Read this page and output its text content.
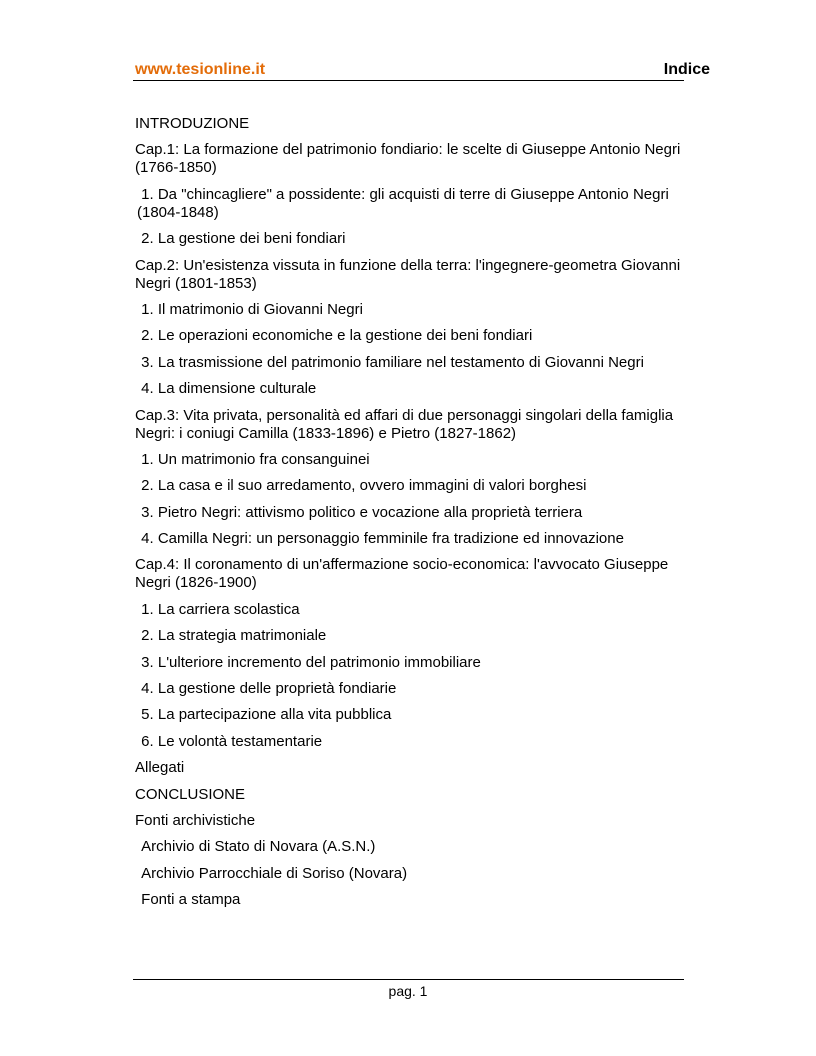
www.tesionline.it	Indice
INTRODUZIONE
Cap.1: La formazione del patrimonio fondiario: le scelte di Giuseppe Antonio Negri (1766-1850)
1. Da "chincagliere" a possidente: gli acquisti di terre di Giuseppe Antonio Negri (1804-1848)
2. La gestione dei beni fondiari
Cap.2: Un'esistenza vissuta in funzione della terra: l'ingegnere-geometra Giovanni Negri (1801-1853)
1. Il matrimonio di Giovanni Negri
2. Le operazioni economiche e la gestione dei beni fondiari
3. La trasmissione del patrimonio familiare nel testamento di Giovanni Negri
4. La dimensione culturale
Cap.3: Vita privata, personalità ed affari di due personaggi singolari della famiglia Negri: i coniugi Camilla (1833-1896) e Pietro (1827-1862)
1. Un matrimonio fra consanguinei
2. La casa e il suo arredamento, ovvero immagini di valori borghesi
3. Pietro Negri: attivismo politico e vocazione alla proprietà terriera
4. Camilla Negri: un personaggio femminile fra tradizione ed innovazione
Cap.4: Il coronamento di un'affermazione socio-economica: l'avvocato Giuseppe Negri (1826-1900)
1. La carriera scolastica
2. La strategia matrimoniale
3. L'ulteriore incremento del patrimonio immobiliare
4. La gestione delle proprietà fondiarie
5. La partecipazione alla vita pubblica
6. Le volontà testamentarie
Allegati
CONCLUSIONE
Fonti archivistiche
Archivio di Stato di Novara (A.S.N.)
Archivio Parrocchiale di Soriso (Novara)
Fonti a stampa
pag. 1
